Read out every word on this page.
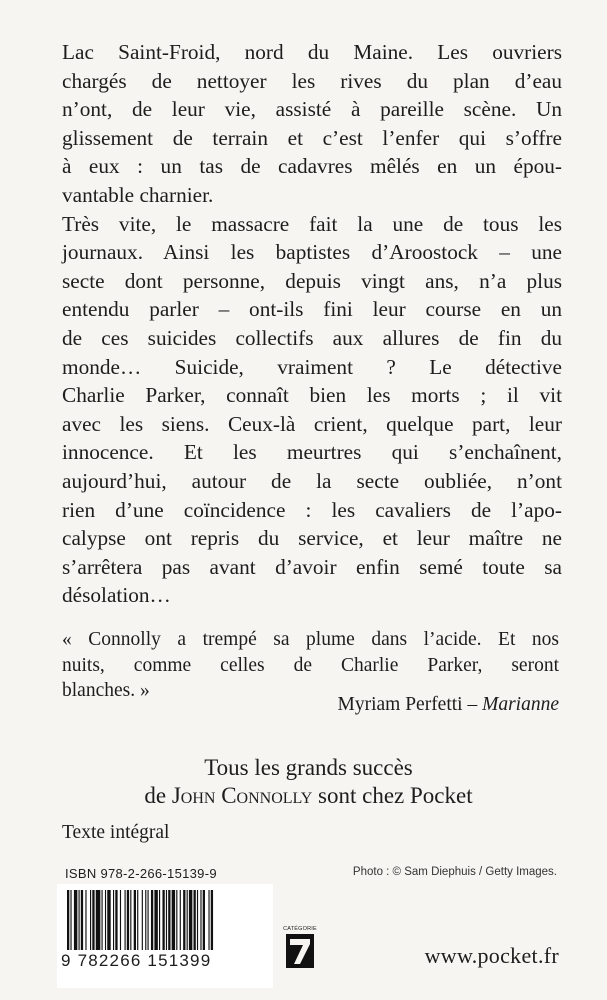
Lac Saint-Froid, nord du Maine. Les ouvriers
chargés de nettoyer les rives du plan d’eau
n’ont, de leur vie, assisté à pareille scène. Un
glissement de terrain et c’est l’enfer qui s’offre
à eux : un tas de cadavres mêlés en un épou-
vantable charnier.

Très vite, le massacre fait la une de tous les
journaux. Ainsi les baptistes d’Aroostock – une
secte dont personne, depuis vingt ans, n’a plus
entendu parler – ont-ils fini leur course en un
de ces suicides collectifs aux allures de fin du
monde… Suicide, vraiment ? Le détective
Charlie Parker, connaît bien les morts ; il vit
avec les siens. Ceux-là crient, quelque part, leur
innocence. Et les meurtres qui s’enchaînent,
aujourd’hui, autour de la secte oubliée, n’ont
rien d’une coïncidence : les cavaliers de l’apo-
calypse ont repris du service, et leur maître ne
s’arrêtera pas avant d’avoir enfin semé toute sa
désolation…

« Connolly a trempé sa plume dans l’acide. Et nos
nuits, comme celles de Charlie Parker, seront
blanches. »
Myriam Perfetti – Marianne
Tous les grands succès
de John Connolly sont chez Pocket
Texte intégral
ISBN 978-2-266-15139-9	Photo : © Sam Diephuis / Getty Images.
9 782266 151399
CATÉGORIE
www.pocket.fr
